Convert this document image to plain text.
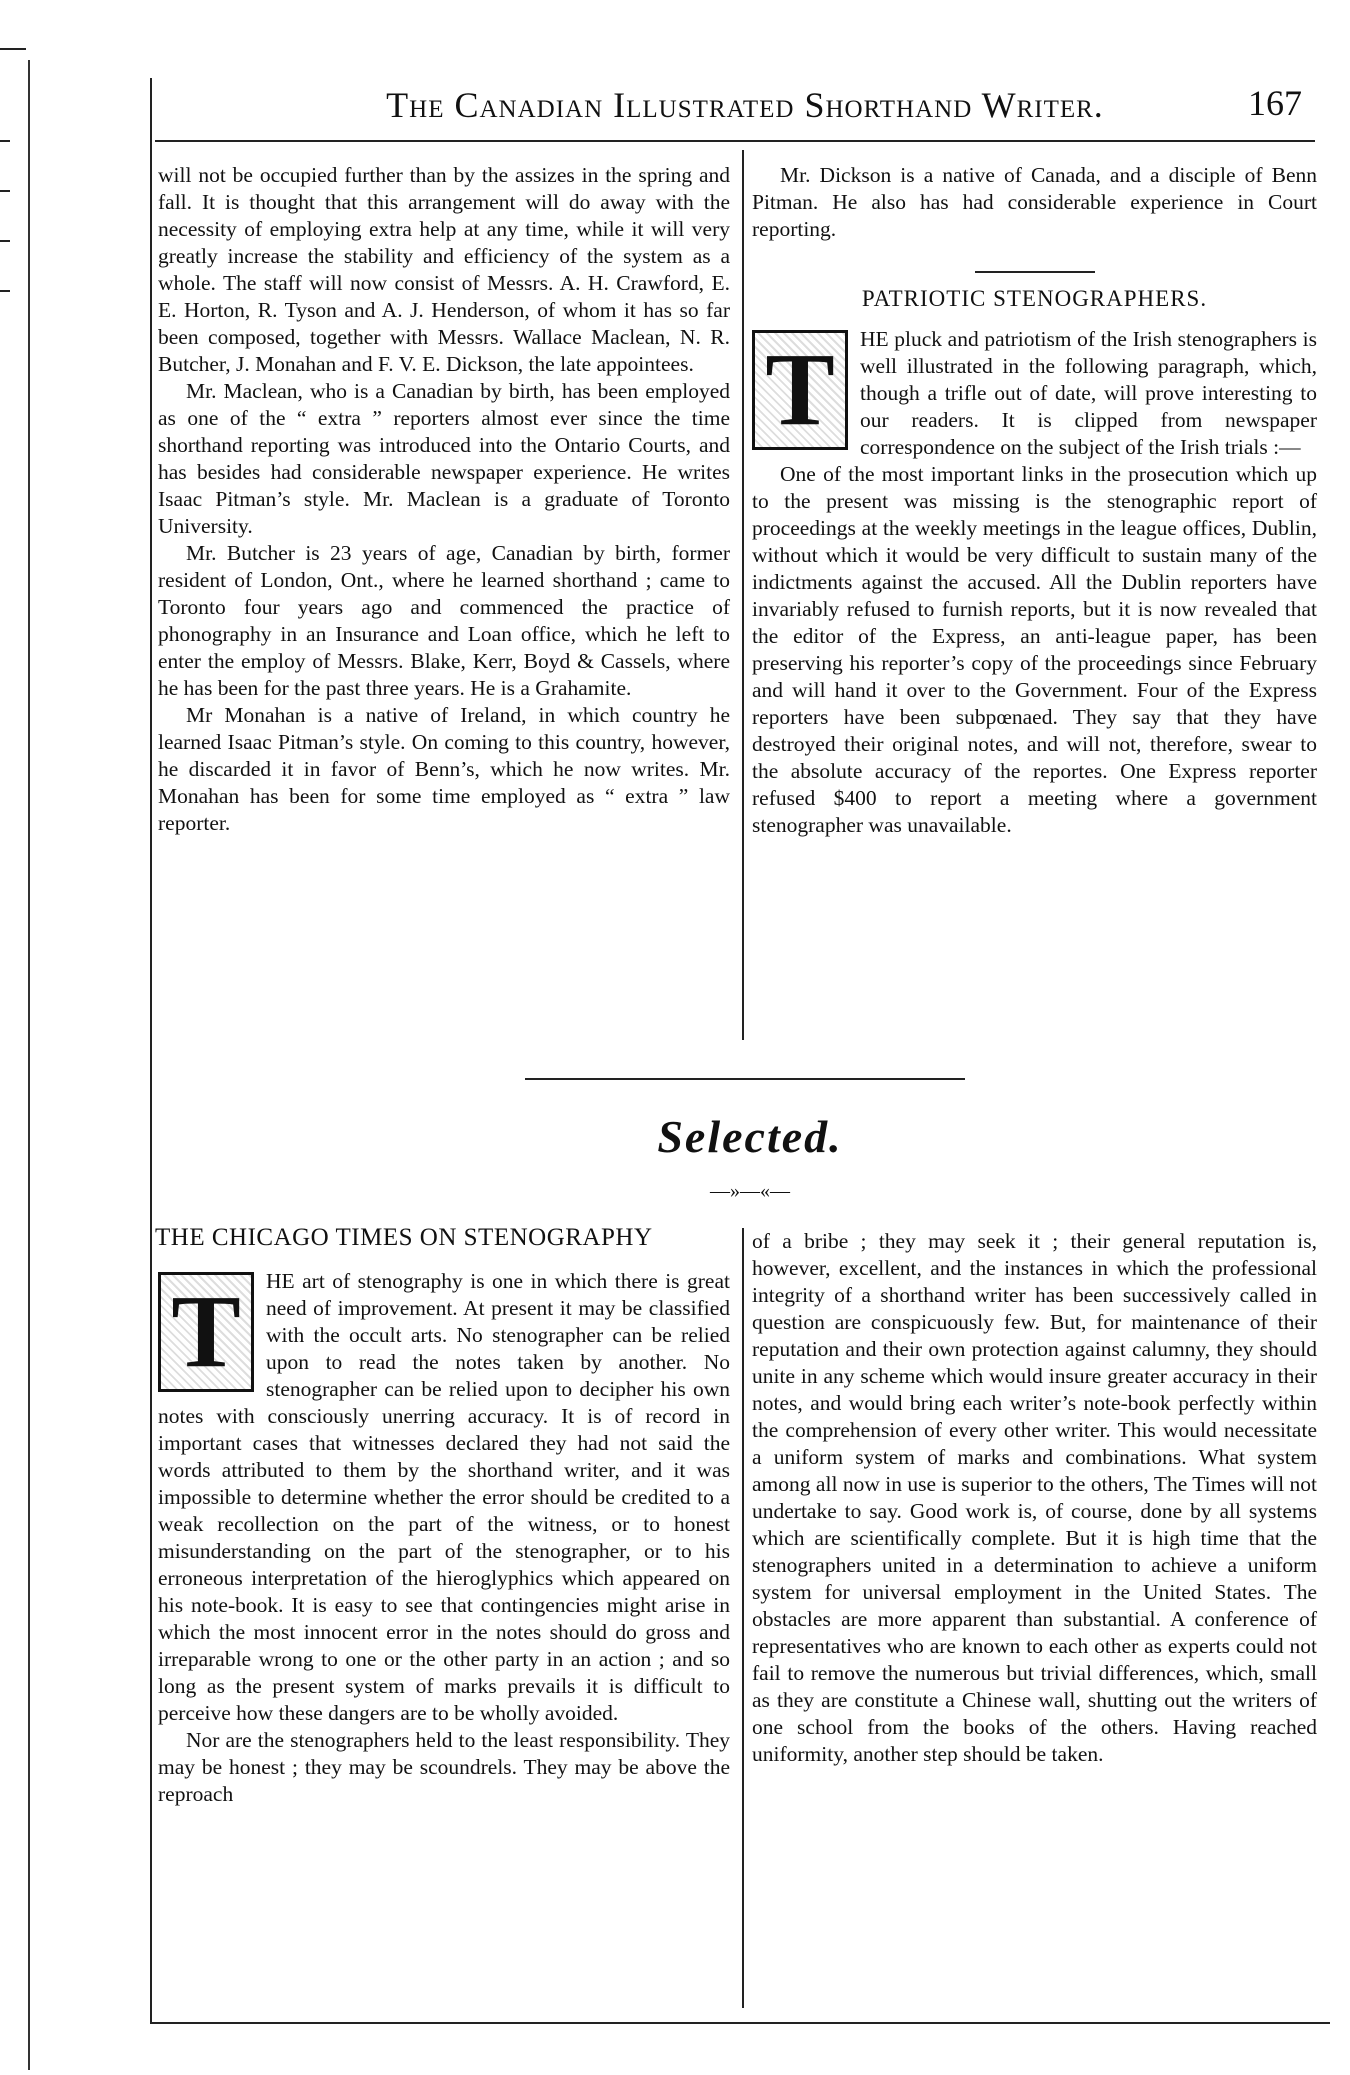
The Canadian Illustrated Shorthand Writer.	167

will not be occupied further than by the assizes in the spring and fall. It is thought that this arrangement will do away with the necessity of employing extra help at any time, while it will very greatly increase the stability and efficiency of the system as a whole. The staff will now consist of Messrs. A. H. Crawford, E. E. Horton, R. Tyson and A. J. Henderson, of whom it has so far been composed, together with Messrs. Wallace Maclean, N. R. Butcher, J. Monahan and F. V. E. Dickson, the late appointees.

Mr. Maclean, who is a Canadian by birth, has been employed as one of the “ extra ” reporters almost ever since the time shorthand reporting was introduced into the Ontario Courts, and has besides had considerable newspaper experience. He writes Isaac Pitman’s style. Mr. Maclean is a graduate of Toronto University.

Mr. Butcher is 23 years of age, Canadian by birth, former resident of London, Ont., where he learned shorthand ; came to Toronto four years ago and commenced the practice of phonography in an Insurance and Loan office, which he left to enter the employ of Messrs. Blake, Kerr, Boyd & Cassels, where he has been for the past three years. He is a Grahamite.

Mr Monahan is a native of Ireland, in which country he learned Isaac Pitman’s style. On coming to this country, however, he discarded it in favor of Benn’s, which he now writes. Mr. Monahan has been for some time employed as “ extra ” law reporter.

Mr. Dickson is a native of Canada, and a disciple of Benn Pitman. He also has had considerable experience in Court reporting.

PATRIOTIC STENOGRAPHERS.
T	HE pluck and patriotism of the Irish stenographers is well illustrated in the following paragraph, which, though a trifle out of date, will prove interesting to our readers. It is clipped from newspaper correspondence on the subject of the Irish trials :—

One of the most important links in the prosecution which up to the present was missing is the stenographic report of proceedings at the weekly meetings in the league offices, Dublin, without which it would be very difficult to sustain many of the indictments against the accused. All the Dublin reporters have invariably refused to furnish reports, but it is now revealed that the editor of the Express, an anti-league paper, has been preserving his reporter’s copy of the proceedings since February and will hand it over to the Government. Four of the Express reporters have been subpœnaed. They say that they have destroyed their original notes, and will not, therefore, swear to the absolute accuracy of the reportes. One Express reporter refused $400 to report a meeting where a government stenographer was unavailable.

Selected.
—»—«—
THE CHICAGO TIMES ON STENOGRAPHY
T	HE art of stenography is one in which there is great need of improvement. At present it may be classified with the occult arts. No stenographer can be relied upon to read the notes taken by another. No stenographer can be relied upon to decipher his own notes with consciously unerring accuracy. It is of record in important cases that witnesses declared they had not said the words attributed to them by the shorthand writer, and it was impossible to determine whether the error should be credited to a weak recollection on the part of the witness, or to honest misunderstanding on the part of the stenographer, or to his erroneous interpretation of the hieroglyphics which appeared on his note-book. It is easy to see that contingencies might arise in which the most innocent error in the notes should do gross and irreparable wrong to one or the other party in an action ; and so long as the present system of marks prevails it is difficult to perceive how these dangers are to be wholly avoided.

Nor are the stenographers held to the least responsibility. They may be honest ; they may be scoundrels. They may be above the reproach

of a bribe ; they may seek it ; their general reputation is, however, excellent, and the instances in which the professional integrity of a shorthand writer has been successively called in question are conspicuously few. But, for maintenance of their reputation and their own protection against calumny, they should unite in any scheme which would insure greater accuracy in their notes, and would bring each writer’s note-book perfectly within the comprehension of every other writer. This would necessitate a uniform system of marks and combinations. What system among all now in use is superior to the others, The Times will not undertake to say. Good work is, of course, done by all systems which are scientifically complete. But it is high time that the stenographers united in a determination to achieve a uniform system for universal employment in the United States. The obstacles are more apparent than substantial. A conference of representatives who are known to each other as experts could not fail to remove the numerous but trivial differences, which, small as they are constitute a Chinese wall, shutting out the writers of one school from the books of the others. Having reached uniformity, another step should be taken.
